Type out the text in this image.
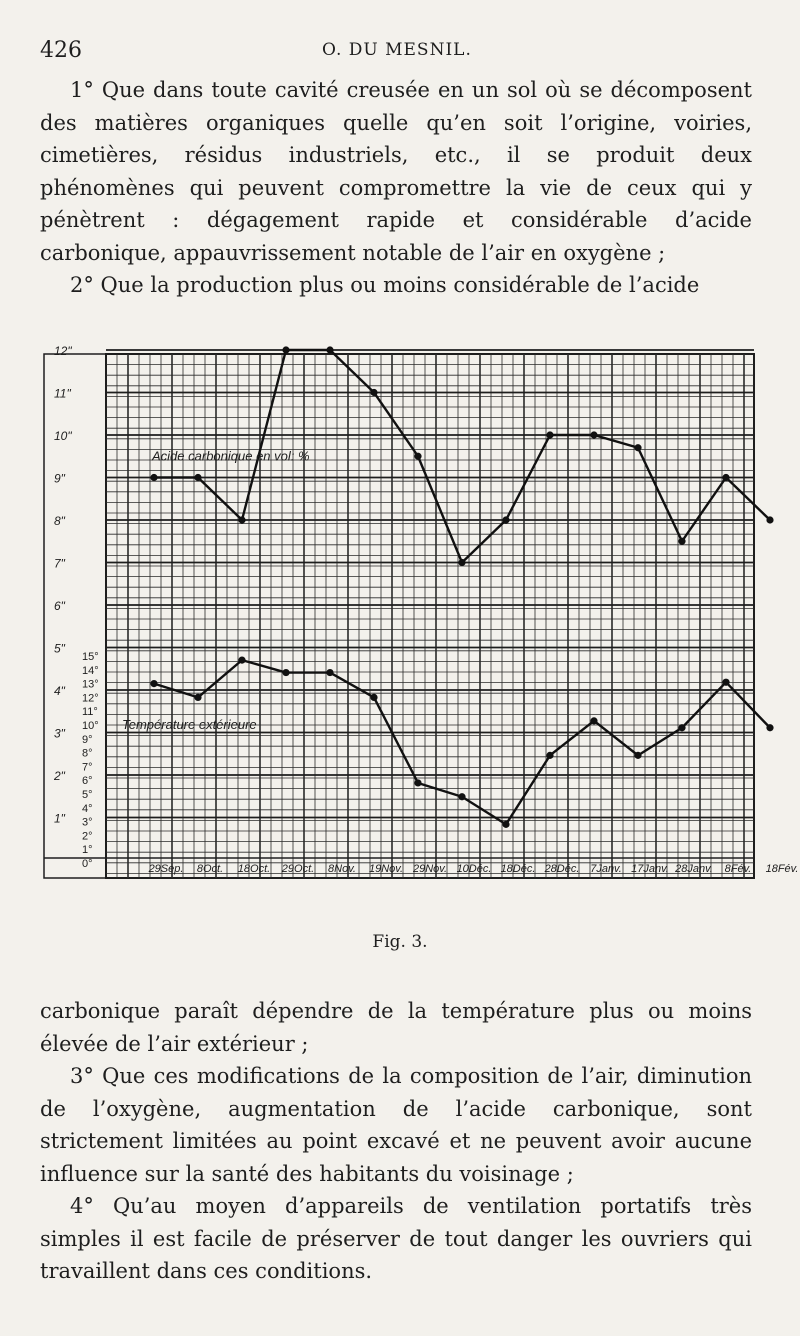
426	O. DU MESNIL.

1° Que dans toute cavité creusée en un sol où se décomposent des matières organiques quelle qu’en soit l’origine, voiries, cimetières, résidus industriels, etc., il se produit deux phénomènes qui peuvent compromettre la vie de ceux qui y pénètrent : dégagement rapide et considérable d’acide carbonique, appauvrissement notable de l’air en oxygène ;

2° Que la production plus ou moins considérable de l’acide

1"
2"
3"
4"
5"
6"
7"
8"
9"
10"
11"
12"
0°
1°
2°
3°
4°
5°
6°
7°
8°
9°
10°
11°
12°
13°
14°
15°
29Sep. 8Oct. 18Oct. 29Oct. 8Nov. 19Nov. 29Nov. 10Déc. 18Déc. 28Déc. 7Janv. 17Janv. 28Janv. 8Fév. 18Fév.
Acide carbonique en vol: %
Température extérieure
Fig. 3.

carbonique paraît dépendre de la température plus ou moins élevée de l’air extérieur ;

3° Que ces modifications de la composition de l’air, diminution de l’oxygène, augmentation de l’acide carbonique, sont strictement limitées au point excavé et ne peuvent avoir aucune influence sur la santé des habitants du voisinage ;

4° Qu’au moyen d’appareils de ventilation portatifs très simples il est facile de préserver de tout danger les ouvriers qui travaillent dans ces conditions.
